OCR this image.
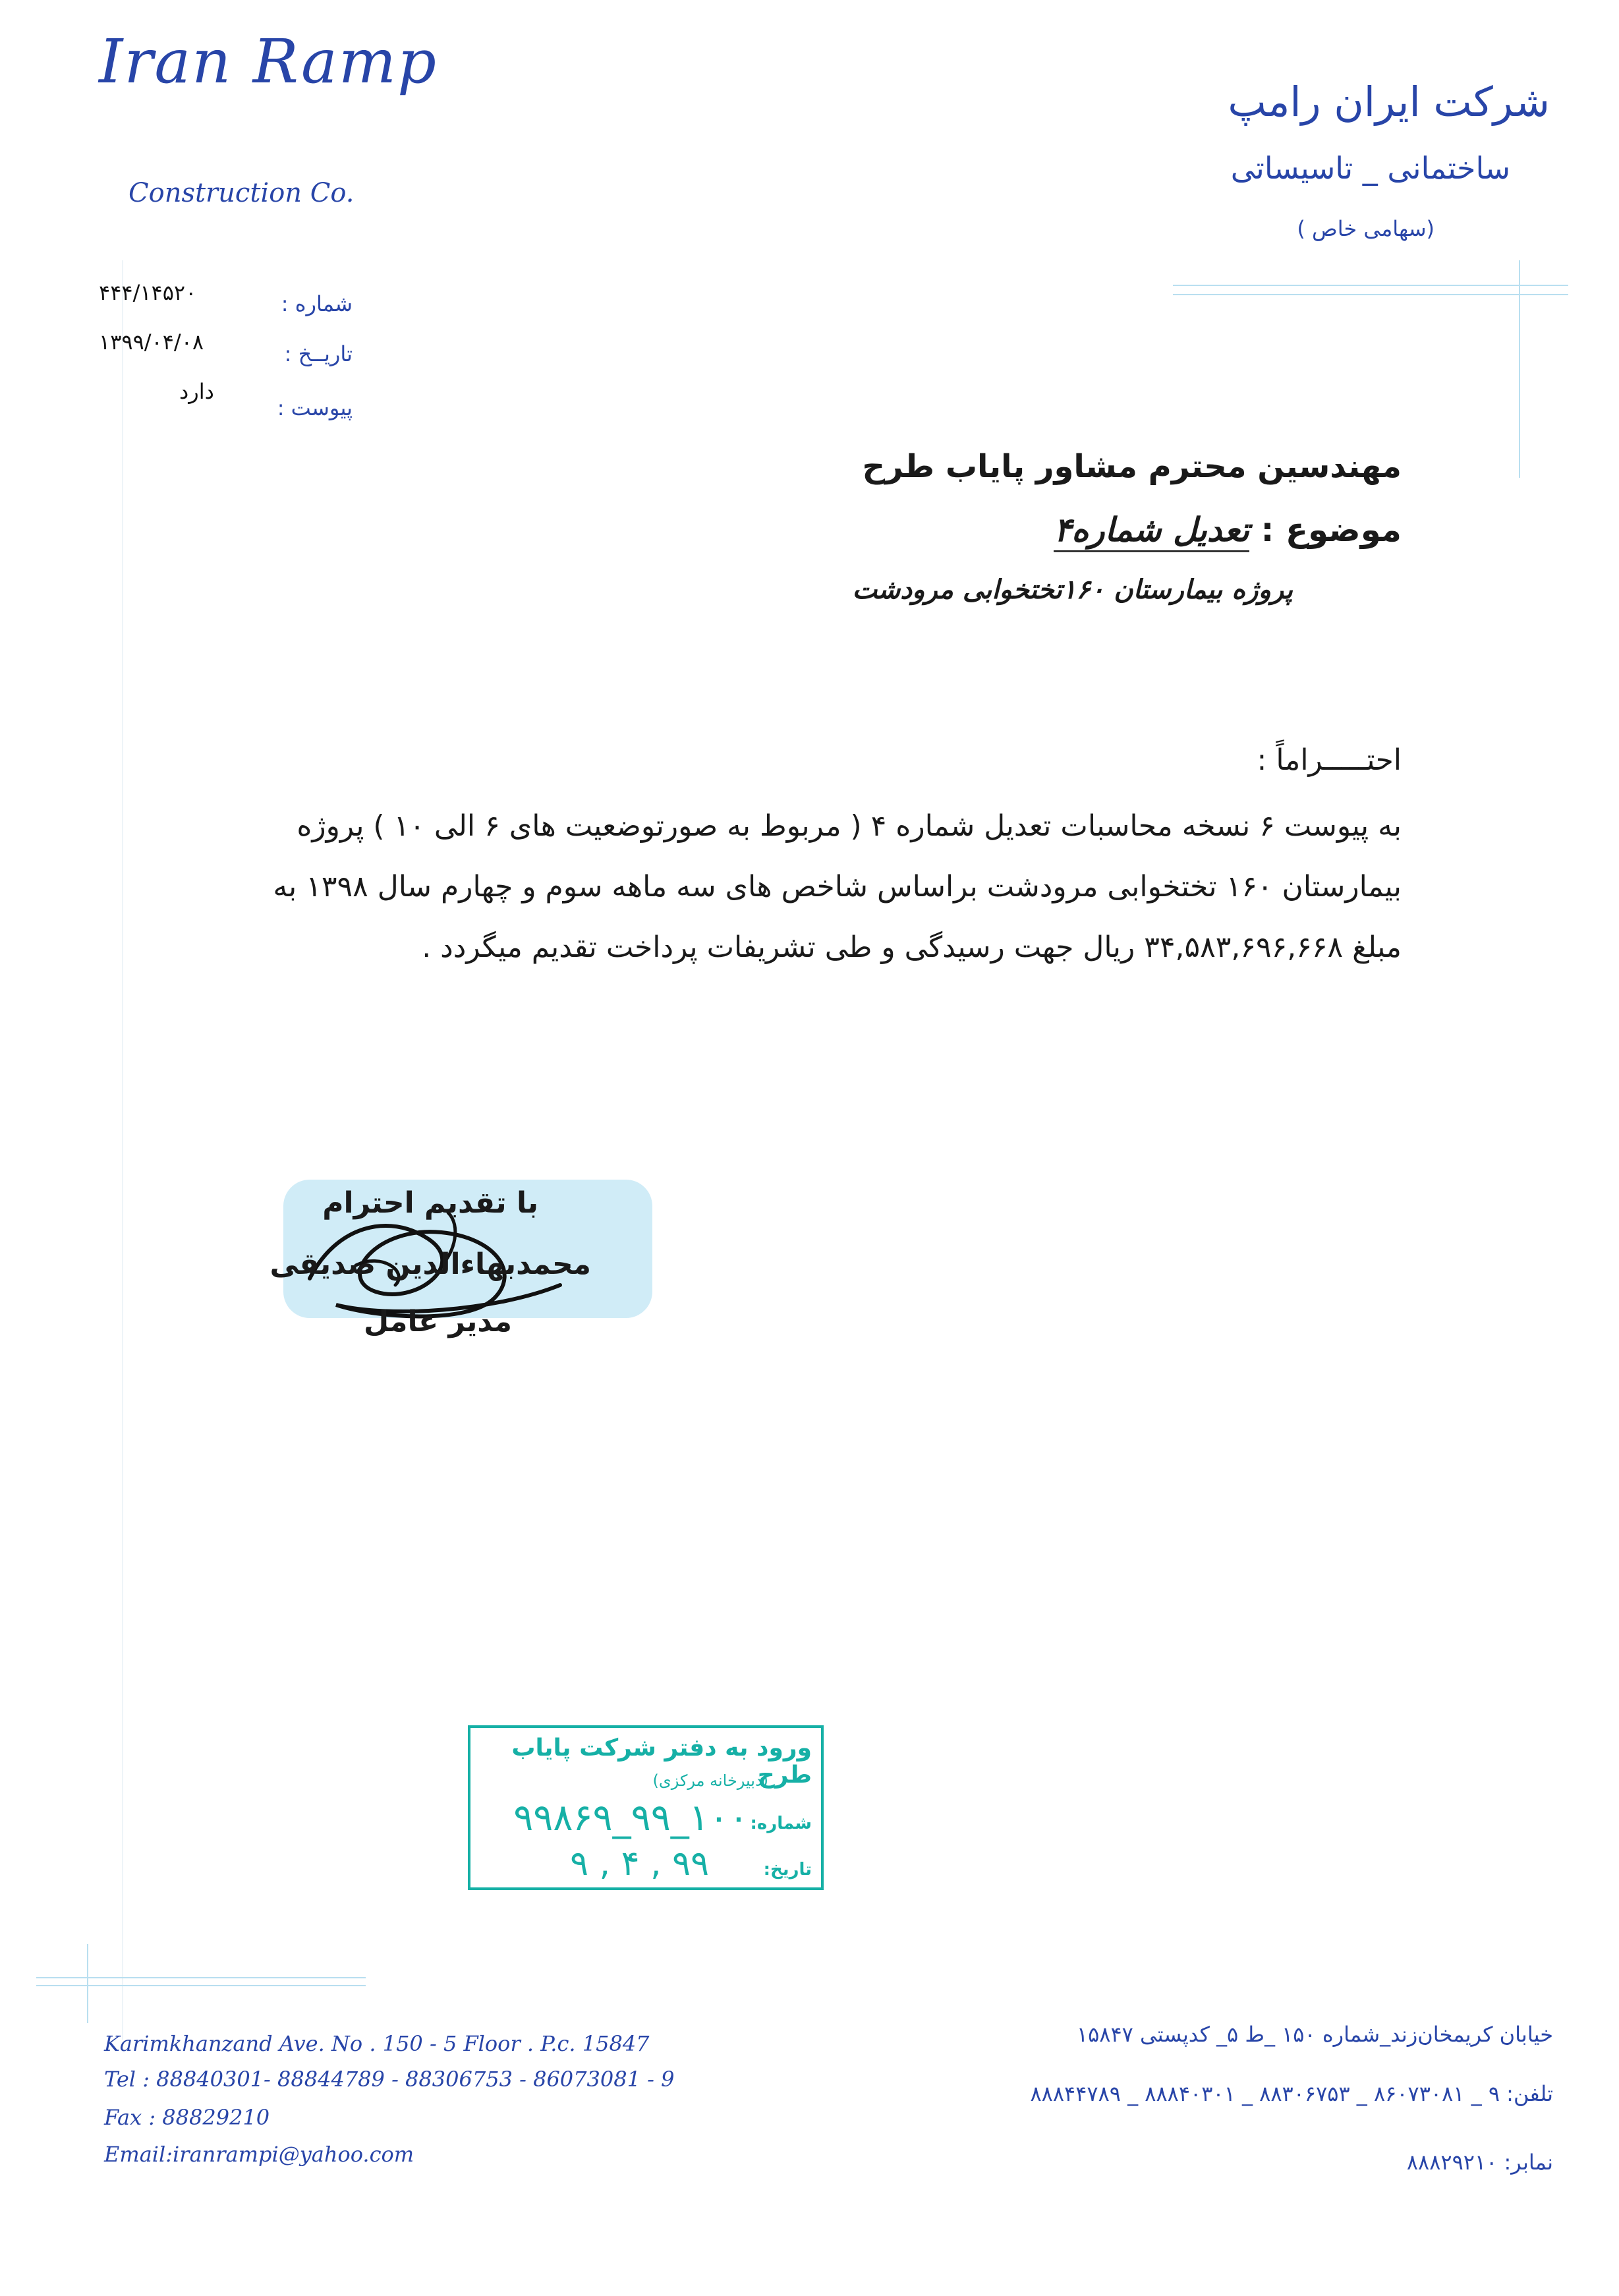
Iran Ramp
Construction Co.
شرکت ایران رامپ
ساختمانی _ تاسیساتی
(سهامی خاص )
شماره :
۴۴۴/۱۴۵۲۰
تاریــخ :
۱۳۹۹/۰۴/۰۸
پیوست :
دارد
مهندسین محترم مشاور پایاب طرح
موضوع : تعدیل شماره۴
پروژه بیمارستان ۱۶۰تختخوابی مرودشت
احتـــــراماً :
به پیوست ۶ نسخه محاسبات تعدیل شماره ۴ ( مربوط به صورتوضعیت های ۶ الی ۱۰ ) پروژه بیمارستان ۱۶۰ تختخوابی مرودشت براساس شاخص های سه ماهه سوم و چهارم سال ۱۳۹۸ به مبلغ ۳۴,۵۸۳,۶۹۶,۶۶۸ ریال جهت رسیدگی و طی تشریفات پرداخت تقدیم میگردد .
با تقدیم احترام
محمدبهاءالدین صدیقی
مدیر عامل
ورود به دفتر شرکت پایاب طرح
(دبیرخانه مرکزی)
شماره:
۱۰۰_۹۹_۹۹۸۶۹
تاریخ:
۹۹ , ۴ , ۹
Karimkhanzand Ave. No . 150 - 5 Floor . P.c. 15847
Tel : 88840301- 88844789 - 88306753 - 86073081 - 9
Fax : 88829210
Email:iranrampi@yahoo.com
خیابان کریمخان‌زند_شماره ۱۵۰ _ط ۵_ کدپستی ۱۵۸۴۷
تلفن: ۹ _ ۸۶۰۷۳۰۸۱ _ ۸۸۳۰۶۷۵۳ _ ۸۸۸۴۰۳۰۱ _ ۸۸۸۴۴۷۸۹
نمابر: ۸۸۸۲۹۲۱۰
